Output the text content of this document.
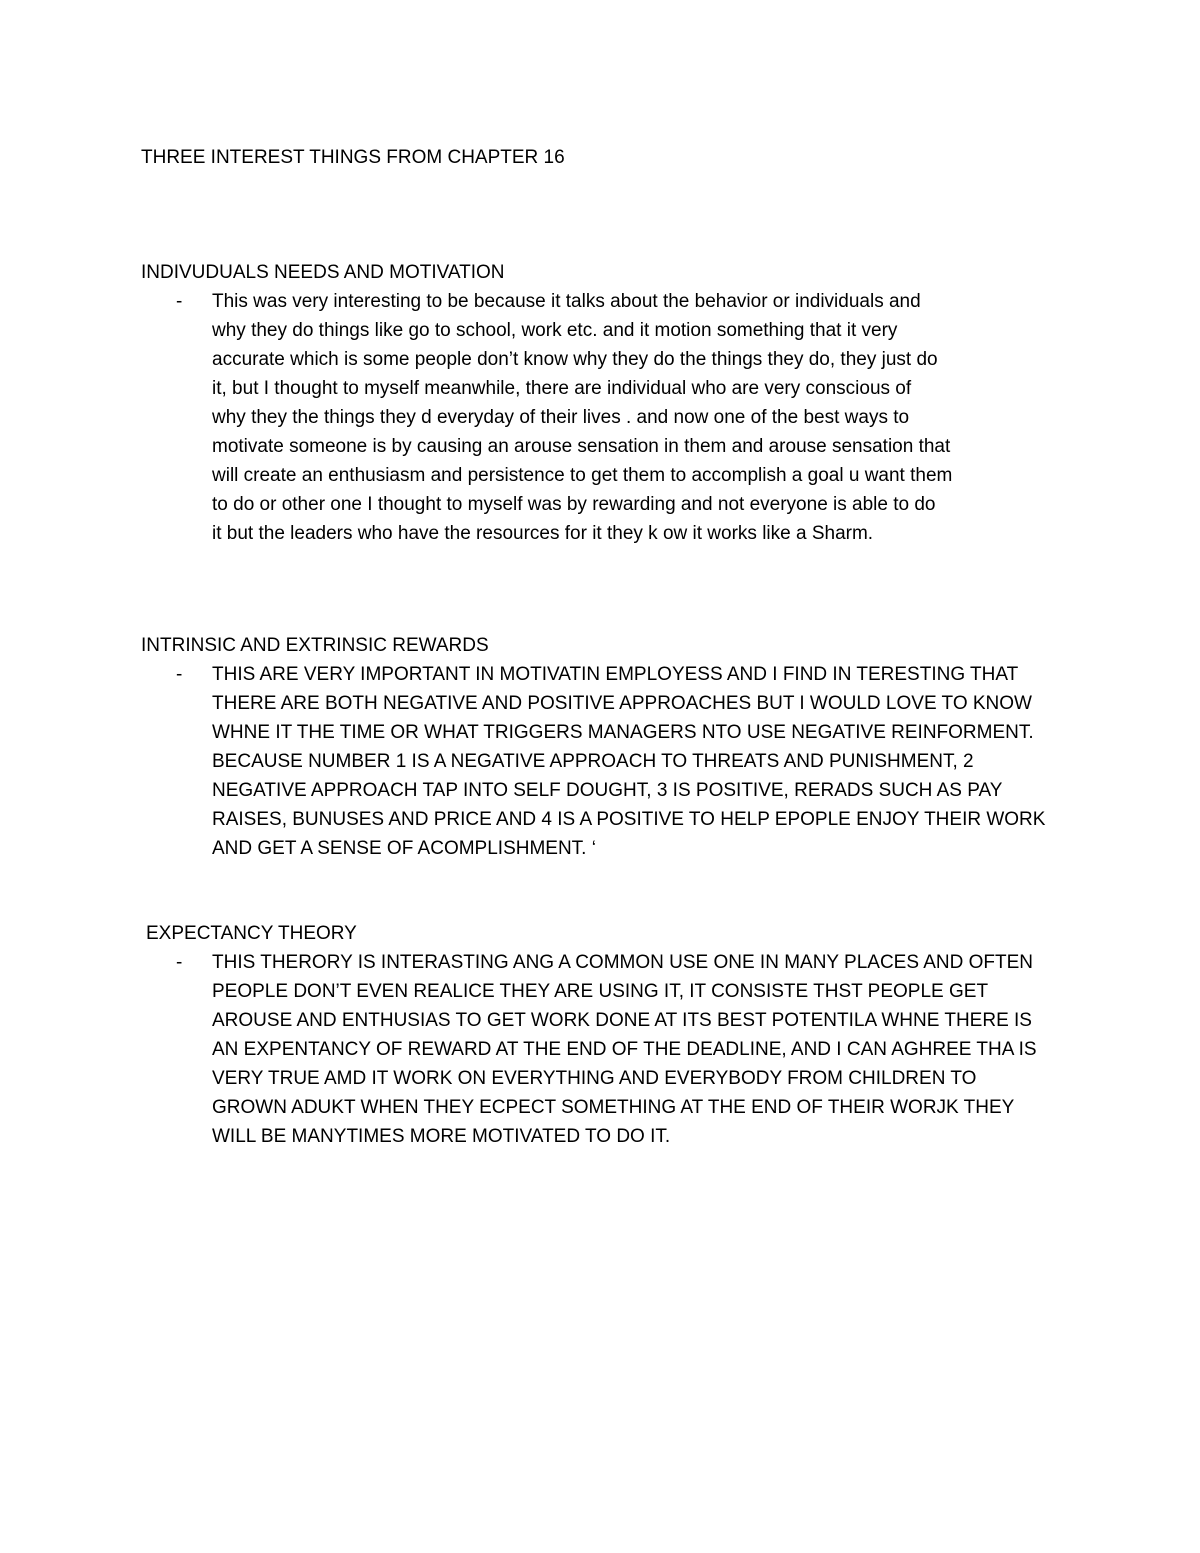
THREE INTEREST THINGS FROM CHAPTER 16
INDIVUDUALS NEEDS AND MOTIVATION
- This was very interesting to be because it talks about the behavior or individuals and
why they do things like go to school, work etc. and it motion something that it very
accurate which is some people don’t know why they do the things they do, they just do
it, but I thought to myself meanwhile, there are individual who are very conscious of
why they the things they d everyday of their lives . and now one of the best ways to
motivate someone is by causing an arouse sensation in them and arouse sensation that
will create an enthusiasm and persistence to get them to accomplish a goal u want them
to do or other one I thought to myself was by rewarding and not everyone is able to do
it but the leaders who have the resources for it they k ow it works like a Sharm.
INTRINSIC AND EXTRINSIC REWARDS
- THIS ARE VERY IMPORTANT IN MOTIVATIN EMPLOYESS AND I FIND IN TERESTING THAT
THERE ARE BOTH NEGATIVE AND POSITIVE APPROACHES BUT I WOULD LOVE TO KNOW
WHNE IT THE TIME OR WHAT TRIGGERS MANAGERS NTO USE NEGATIVE REINFORMENT.
BECAUSE NUMBER 1 IS A NEGATIVE APPROACH TO THREATS AND PUNISHMENT, 2
NEGATIVE APPROACH TAP INTO SELF DOUGHT, 3 IS POSITIVE, RERADS SUCH AS PAY
RAISES, BUNUSES AND PRICE AND 4 IS A POSITIVE TO HELP EPOPLE ENJOY THEIR WORK
AND GET A SENSE OF ACOMPLISHMENT. ‘
EXPECTANCY THEORY
- THIS THERORY IS INTERASTING ANG A COMMON USE ONE IN MANY PLACES AND OFTEN
PEOPLE DON’T EVEN REALICE THEY ARE USING IT, IT CONSISTE THST PEOPLE GET
AROUSE AND ENTHUSIAS TO GET WORK DONE AT ITS BEST POTENTILA WHNE THERE IS
AN EXPENTANCY OF REWARD AT THE END OF THE DEADLINE, AND I CAN AGHREE THA IS
VERY TRUE AMD IT WORK ON EVERYTHING AND EVERYBODY FROM CHILDREN TO
GROWN ADUKT WHEN THEY ECPECT SOMETHING AT THE END OF THEIR WORJK THEY
WILL BE MANYTIMES MORE MOTIVATED TO DO IT.
